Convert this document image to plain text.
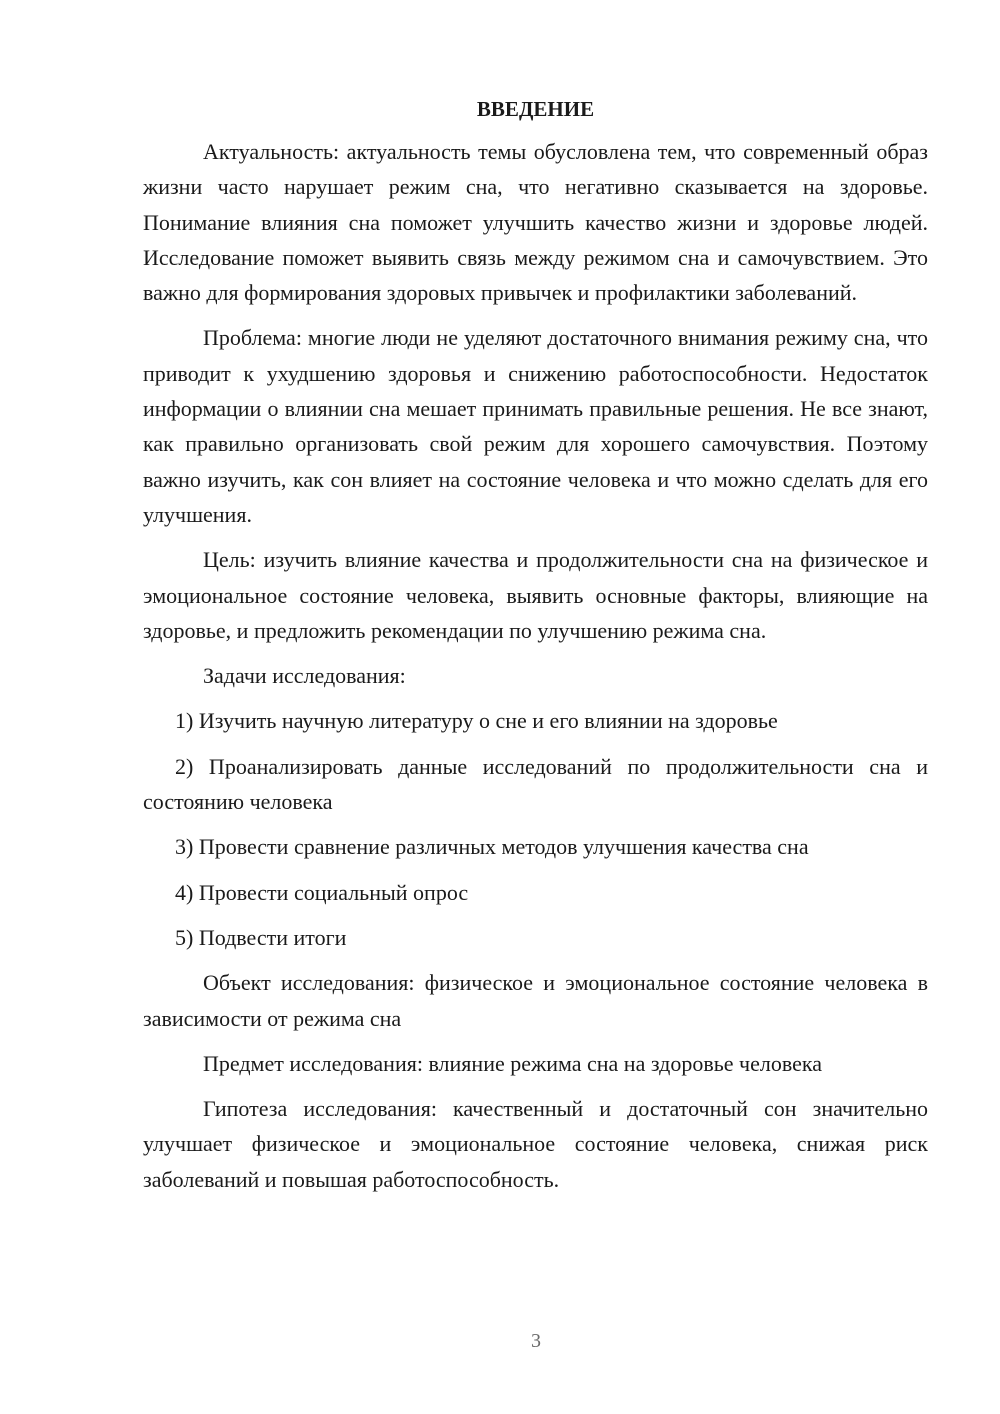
ВВЕДЕНИЕ

Актуальность: актуальность темы обусловлена тем, что современный образ жизни часто нарушает режим сна, что негативно сказывается на здоровье. Понимание влияния сна поможет улучшить качество жизни и здоровье людей. Исследование поможет выявить связь между режимом сна и самочувствием. Это важно для формирования здоровых привычек и профилактики заболеваний.

Проблема: многие люди не уделяют достаточного внимания режиму сна, что приводит к ухудшению здоровья и снижению работоспособности. Недостаток информации о влиянии сна мешает принимать правильные решения. Не все знают, как правильно организовать свой режим для хорошего самочувствия. Поэтому важно изучить, как сон влияет на состояние человека и что можно сделать для его улучшения.

Цель: изучить влияние качества и продолжительности сна на физическое и эмоциональное состояние человека, выявить основные факторы, влияющие на здоровье, и предложить рекомендации по улучшению режима сна.

Задачи исследования:

1) Изучить научную литературу о сне и его влиянии на здоровье

2) Проанализировать данные исследований по продолжительности сна и состоянию человека

3) Провести сравнение различных методов улучшения качества сна

4) Провести социальный опрос

5) Подвести итоги

Объект исследования: физическое и эмоциональное состояние человека в зависимости от режима сна

Предмет исследования: влияние режима сна на здоровье человека

Гипотеза исследования: качественный и достаточный сон значительно улучшает физическое и эмоциональное состояние человека, снижая риск заболеваний и повышая работоспособность.

3
